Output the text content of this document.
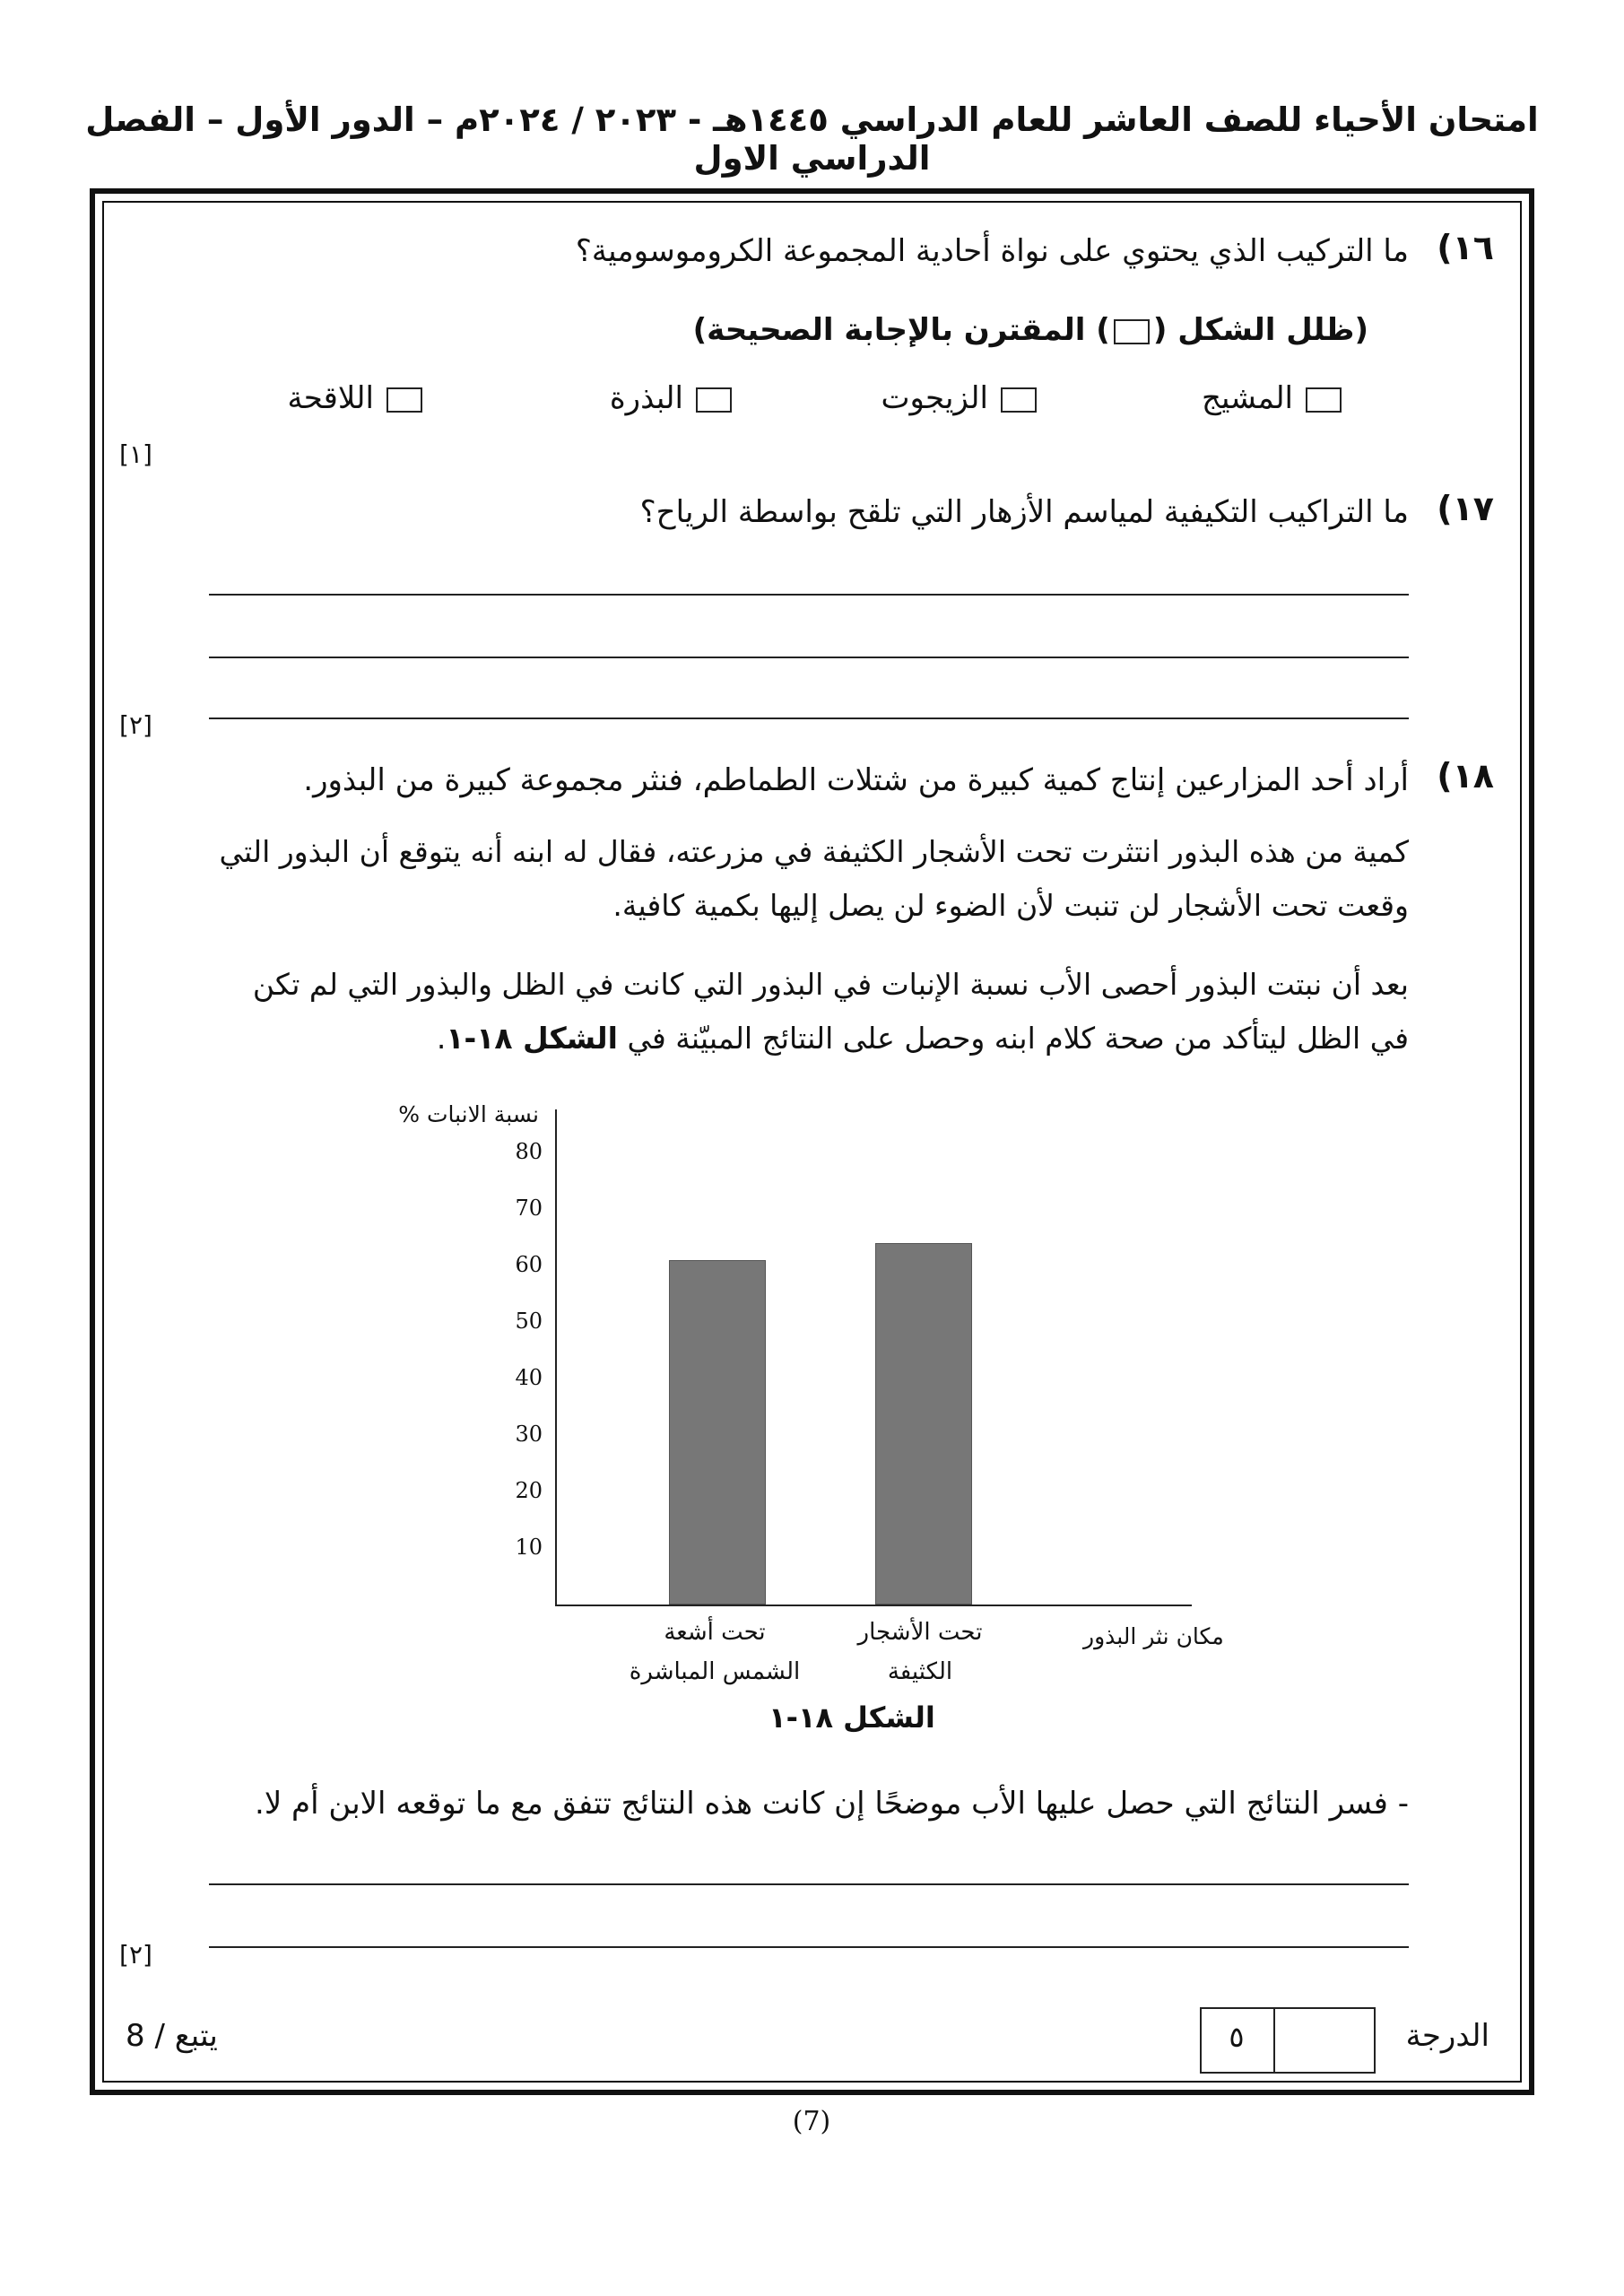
امتحان الأحياء للصف العاشر للعام الدراسي ١٤٤٥هـ - ٢٠٢٣ / ٢٠٢٤م – الدور الأول – الفصل الدراسي الاول
١٦)
ما التركيب الذي يحتوي على نواة أحادية المجموعة الكروموسومية؟
(ظلل الشكل () المقترن بالإجابة الصحيحة)
المشيج
الزيجوت
البذرة
اللاقحة
[١]
١٧)
ما التراكيب التكيفية لمياسم الأزهار التي تلقح بواسطة الرياح؟
[٢]
١٨)
أراد أحد المزارعين إنتاج كمية كبيرة من شتلات الطماطم، فنثر مجموعة كبيرة من البذور.
كمية من هذه البذور انتثرت تحت الأشجار الكثيفة في مزرعته، فقال له ابنه أنه يتوقع أن البذور التي وقعت تحت الأشجار لن تنبت لأن الضوء لن يصل إليها بكمية كافية.
بعد أن نبتت البذور أحصى الأب نسبة الإنبات في البذور التي كانت في الظل والبذور التي لم تكن في الظل ليتأكد من صحة كلام ابنه وحصل على النتائج المبيّنة في الشكل ١٨-١.
نسبة الانبات %
مكان نثر البذور
10
20
30
40
50
60
70
80
تحت أشعة
الشمس المباشرة
تحت الأشجار
الكثيفة
الشكل ١٨-١
- فسر النتائج التي حصل عليها الأب موضحًا إن كانت هذه النتائج تتفق مع ما توقعه الابن أم لا.
[٢]
٥	الدرجة
يتبع / 8
(7)
